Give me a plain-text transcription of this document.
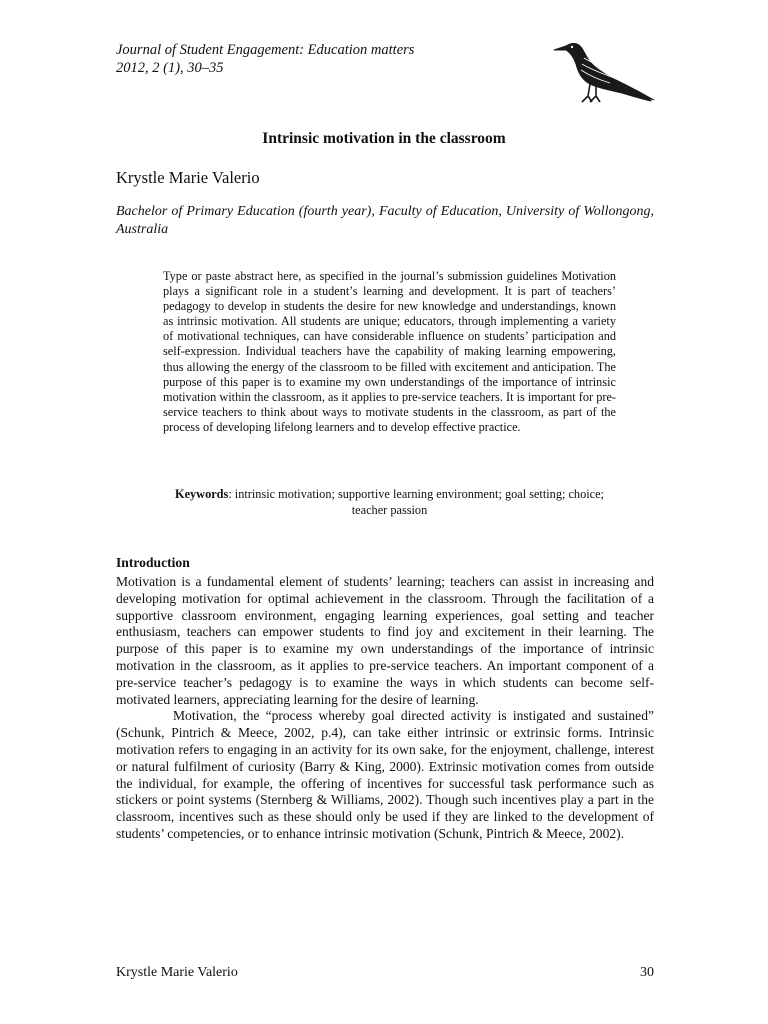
Journal of Student Engagement: Education matters
2012, 2 (1), 30–35
Intrinsic motivation in the classroom
Krystle Marie Valerio
Bachelor of Primary Education (fourth year), Faculty of Education, University of Wollongong, Australia

Type or paste abstract here, as specified in the journal’s submission guidelines Motivation plays a significant role in a student’s learning and development. It is part of teachers’ pedagogy to develop in students the desire for new knowledge and understandings, known as intrinsic motivation. All students are unique; educators, through implementing a variety of motivational techniques, can have considerable influence on students’ participation and self-expression. Individual teachers have the capability of making learning empowering, thus allowing the energy of the classroom to be filled with excitement and anticipation. The purpose of this paper is to examine my own understandings of the importance of intrinsic motivation within the classroom, as it applies to pre-service teachers. It is important for pre-service teachers to think about ways to motivate students in the classroom, as part of the process of developing lifelong learners and to develop effective practice.

Keywords: intrinsic motivation; supportive learning environment; goal setting; choice; teacher passion
Introduction

Motivation is a fundamental element of students’ learning; teachers can assist in increasing and developing motivation for optimal achievement in the classroom. Through the facilitation of a supportive classroom environment, engaging learning experiences, goal setting and teacher enthusiasm, teachers can empower students to find joy and excitement in their learning. The purpose of this paper is to examine my own understandings of the importance of intrinsic motivation in the classroom, as it applies to pre-service teachers. An important component of a pre-service teacher’s pedagogy is to examine the ways in which students can become self-motivated learners, appreciating learning for the desire of learning.

Motivation, the “process whereby goal directed activity is instigated and sustained” (Schunk, Pintrich & Meece, 2002, p.4), can take either intrinsic or extrinsic forms. Intrinsic motivation refers to engaging in an activity for its own sake, for the enjoyment, challenge, interest or natural fulfilment of curiosity (Barry & King, 2000). Extrinsic motivation comes from outside the individual, for example, the offering of incentives for successful task performance such as stickers or point systems (Sternberg & Williams, 2002). Though such incentives play a part in the classroom, incentives such as these should only be used if they are linked to the development of students’ competencies, or to enhance intrinsic motivation (Schunk, Pintrich & Meece, 2002).

Krystle Marie Valerio	30
